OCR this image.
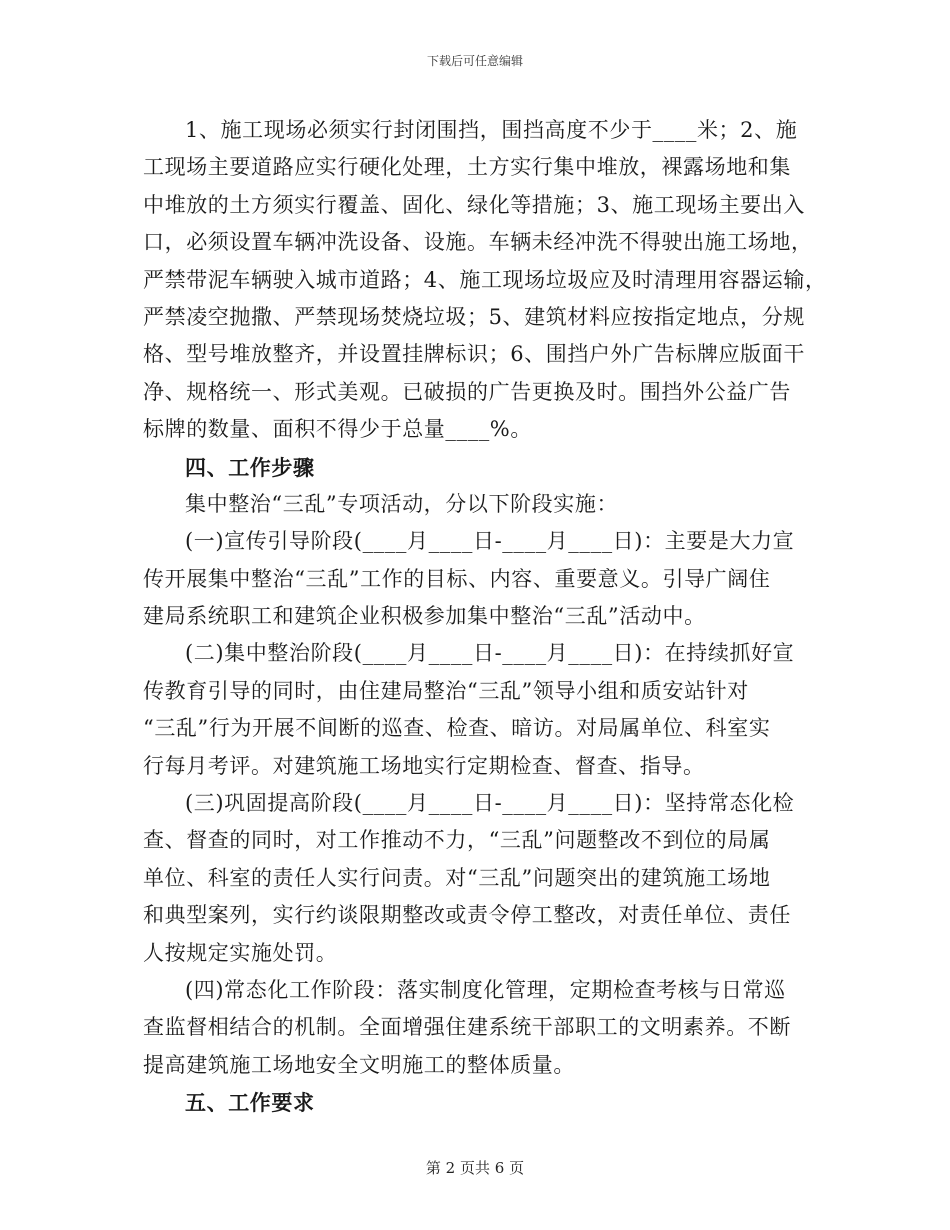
下载后可任意编辑
1、施工现场必须实行封闭围挡，围挡高度不少于____米；2、施
工现场主要道路应实行硬化处理，土方实行集中堆放，裸露场地和集
中堆放的土方须实行覆盖、固化、绿化等措施；3、施工现场主要出入
口，必须设置车辆冲洗设备、设施。车辆未经冲洗不得驶出施工场地，
严禁带泥车辆驶入城市道路；4、施工现场垃圾应及时清理用容器运输，
严禁凌空抛撒、严禁现场焚烧垃圾；5、建筑材料应按指定地点，分规
格、型号堆放整齐，并设置挂牌标识；6、围挡户外广告标牌应版面干
净、规格统一、形式美观。已破损的广告更换及时。围挡外公益广告
标牌的数量、面积不得少于总量____%。
四、工作步骤
集中整治“三乱”专项活动，分以下阶段实施：
(一)宣传引导阶段(____月____日-____月____日)：主要是大力宣
传开展集中整治“三乱”工作的目标、内容、重要意义。引导广阔住
建局系统职工和建筑企业积极参加集中整治“三乱”活动中。
(二)集中整治阶段(____月____日-____月____日)：在持续抓好宣
传教育引导的同时，由住建局整治“三乱”领导小组和质安站针对
“三乱”行为开展不间断的巡查、检查、暗访。对局属单位、科室实
行每月考评。对建筑施工场地实行定期检查、督查、指导。
(三)巩固提高阶段(____月____日-____月____日)：坚持常态化检
查、督查的同时，对工作推动不力，“三乱”问题整改不到位的局属
单位、科室的责任人实行问责。对“三乱”问题突出的建筑施工场地
和典型案列，实行约谈限期整改或责令停工整改，对责任单位、责任
人按规定实施处罚。
(四)常态化工作阶段：落实制度化管理，定期检查考核与日常巡
查监督相结合的机制。全面增强住建系统干部职工的文明素养。不断
提高建筑施工场地安全文明施工的整体质量。
五、工作要求
第 2 页共 6 页
